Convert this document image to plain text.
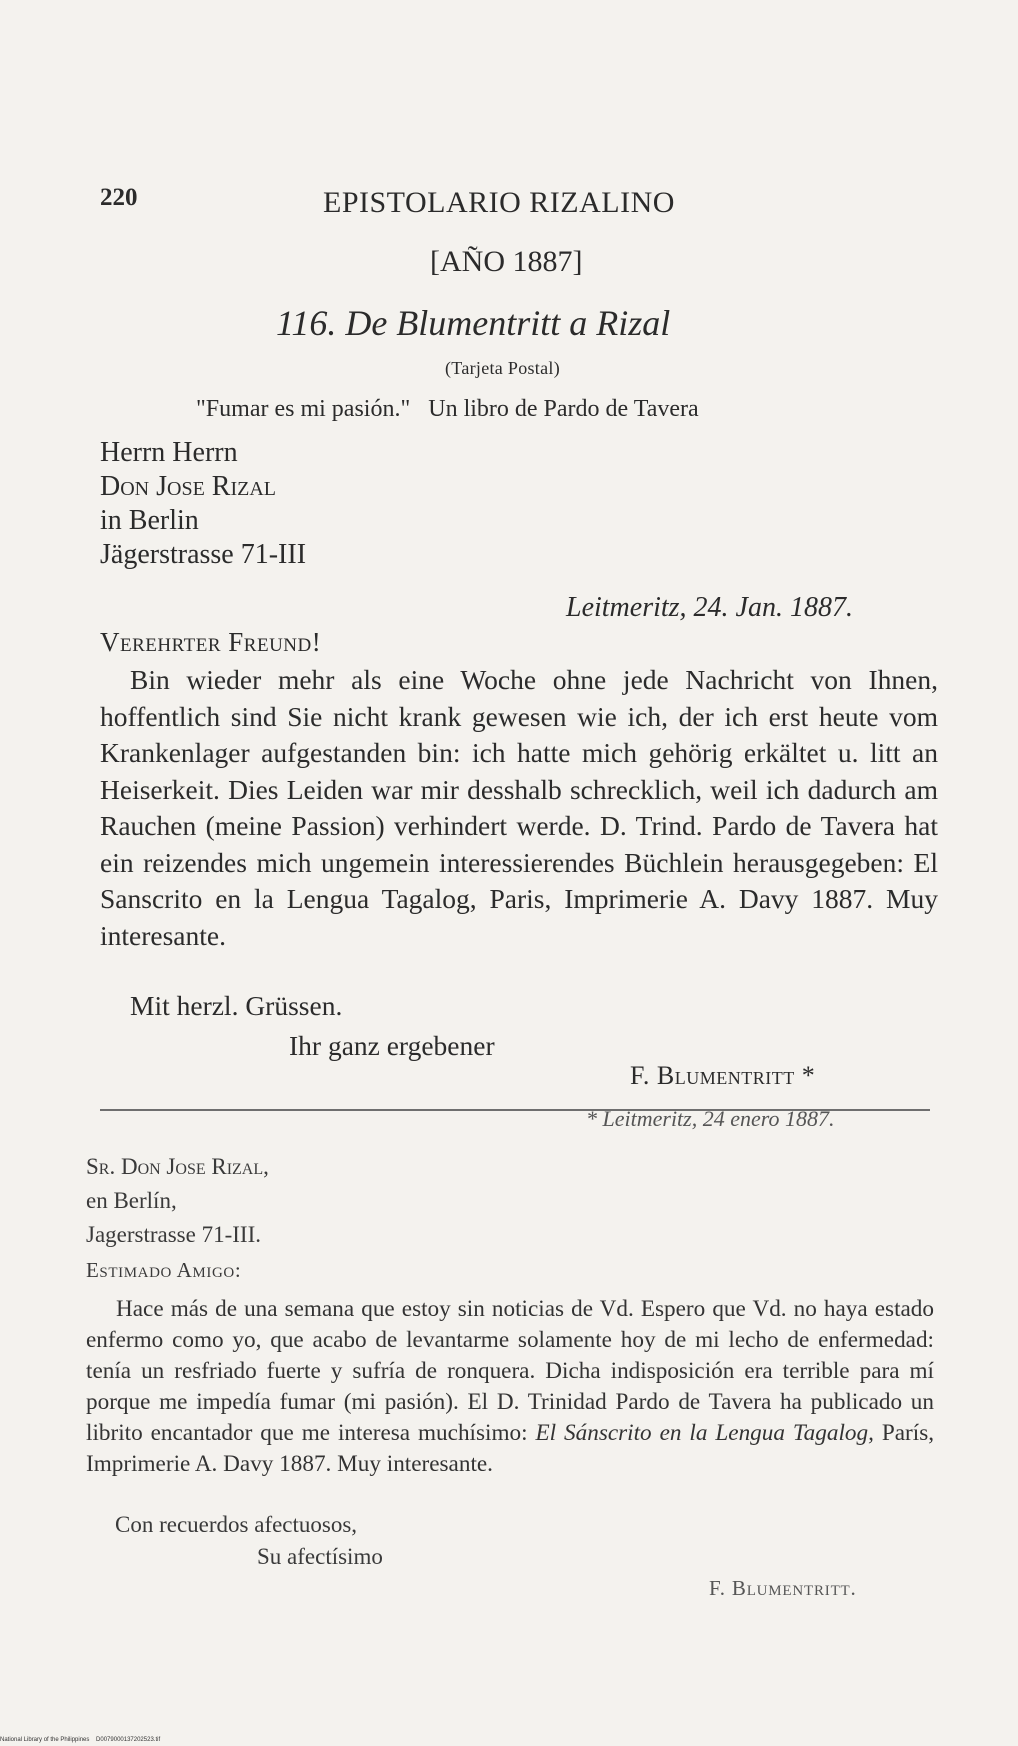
220	EPISTOLARIO RIZALINO
[AÑO 1887]
116. De Blumentritt a Rizal
(Tarjeta Postal)
"Fumar es mi pasión."   Un libro de Pardo de Tavera
Herrn Herrn
Don Jose Rizal
in Berlin
Jägerstrasse 71-III
Leitmeritz, 24. Jan. 1887.
Verehrter Freund!

Bin wieder mehr als eine Woche ohne jede Nachricht von Ihnen, hoffentlich sind Sie nicht krank gewesen wie ich, der ich erst heute vom Krankenlager aufgestanden bin: ich hatte mich gehörig erkältet u. litt an Heiserkeit. Dies Leiden war mir desshalb schrecklich, weil ich dadurch am Rauchen (meine Passion) verhindert werde. D. Trind. Pardo de Tavera hat ein reizendes mich ungemein interessierendes Büchlein herausgegeben: El Sanscrito en la Lengua Tagalog, Paris, Imprimerie A. Davy 1887. Muy interesante.

Mit herzl. Grüssen.
Ihr ganz ergebener
F. Blumentritt *
* Leitmeritz, 24 enero 1887.
Sr. Don Jose Rizal,
en Berlín,
Jagerstrasse 71-III.
Estimado Amigo:

Hace más de una semana que estoy sin noticias de Vd. Espero que Vd. no haya estado enfermo como yo, que acabo de levantarme solamente hoy de mi lecho de enfermedad: tenía un resfriado fuerte y sufría de ronquera. Dicha indisposición era terrible para mí porque me impedía fumar (mi pasión). El D. Trinidad Pardo de Tavera ha publicado un librito encantador que me interesa muchísimo: El Sánscrito en la Lengua Tagalog, París, Imprimerie A. Davy 1887. Muy interesante.

Con recuerdos afectuosos,
Su afectísimo
F. Blumentritt.
National Library of the Philippines    D0079000137202523.tif
